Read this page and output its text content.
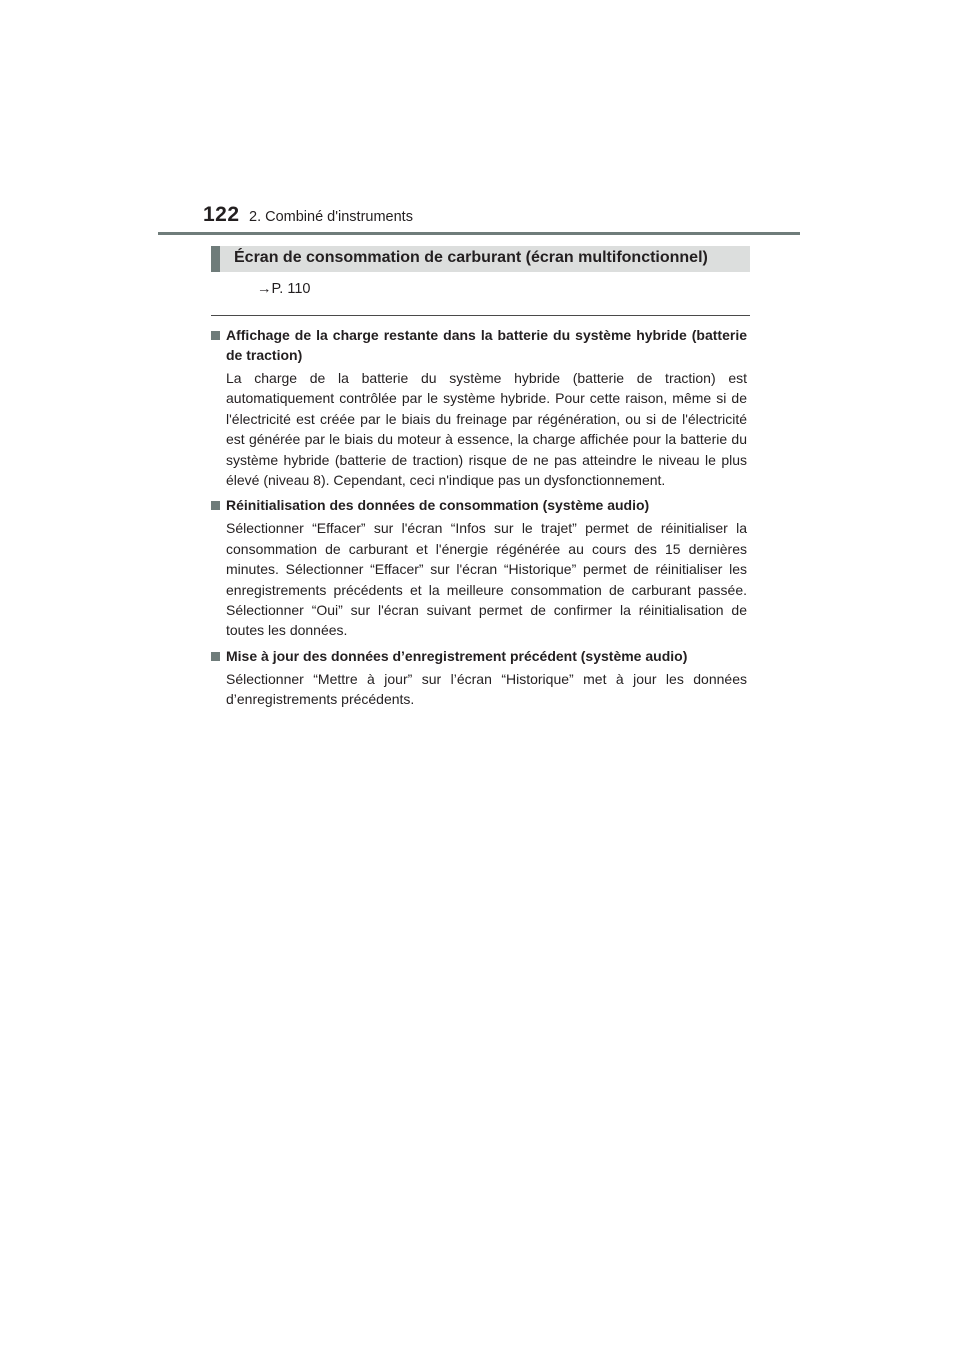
122 2. Combiné d'instruments
Écran de consommation de carburant (écran multifonctionnel)
→P. 110
Affichage de la charge restante dans la batterie du système hybride (batterie de traction)
La charge de la batterie du système hybride (batterie de traction) est automatiquement contrôlée par le système hybride. Pour cette raison, même si de l'électricité est créée par le biais du freinage par régénération, ou si de l'électricité est générée par le biais du moteur à essence, la charge affichée pour la batterie du système hybride (batterie de traction) risque de ne pas atteindre le niveau le plus élevé (niveau 8). Cependant, ceci n'indique pas un dysfonctionnement.
Réinitialisation des données de consommation (système audio)
Sélectionner “Effacer” sur l'écran “Infos sur le trajet” permet de réinitialiser la consommation de carburant et l'énergie régénérée au cours des 15 dernières minutes. Sélectionner “Effacer” sur l'écran “Historique” permet de réinitialiser les enregistrements précédents et la meilleure consommation de carburant passée. Sélectionner “Oui” sur l'écran suivant permet de confirmer la réinitialisation de toutes les données.
Mise à jour des données d’enregistrement précédent (système audio)
Sélectionner “Mettre à jour” sur l’écran “Historique” met à jour les données d’enregistrements précédents.
